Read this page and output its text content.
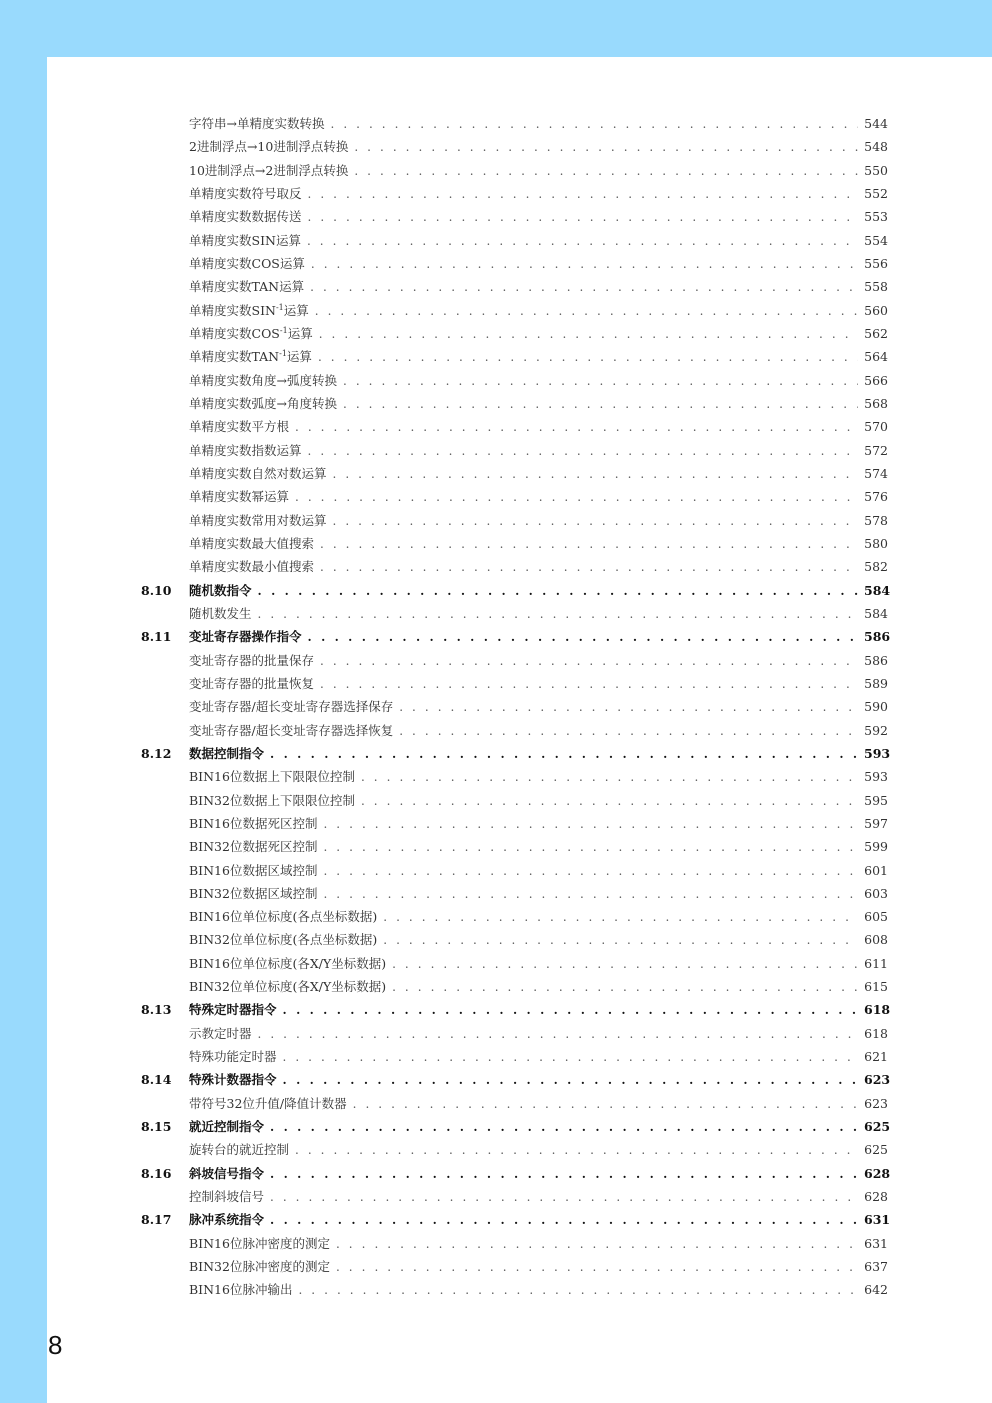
字符串→单精度实数转换 . . .	544
2进制浮点→10进制浮点转换 . . .	548
10进制浮点→2进制浮点转换 . . .	550
单精度实数符号取反 . . .	552
单精度实数数据传送 . . .	553
单精度实数SIN运算 . . .	554
单精度实数COS运算 . . .	556
单精度实数TAN运算 . . .	558
单精度实数$SIN^{-1}$运算 . . .	560
单精度实数$COS^{-1}$运算 . . .	562
单精度实数$TAN^{-1}$运算 . . .	564
单精度实数角度→弧度转换 . . .	566
单精度实数弧度→角度转换 . . .	568
单精度实数平方根 . . .	570
单精度实数指数运算 . . .	572
单精度实数自然对数运算 . . .	574
单精度实数幂运算 . . .	576
单精度实数常用对数运算 . . .	578
单精度实数最大值搜索 . . .	580
单精度实数最小值搜索 . . .	582
8.10	随机数指令 . . .	584
随机数发生 . . .	584
8.11	变址寄存器操作指令 . . .	586
变址寄存器的批量保存 . . .	586
变址寄存器的批量恢复 . . .	589
变址寄存器/超长变址寄存器选择保存 . . .	590
变址寄存器/超长变址寄存器选择恢复 . . .	592
8.12	数据控制指令 . . .	593
BIN16位数据上下限限位控制 . . .	593
BIN32位数据上下限限位控制 . . .	595
BIN16位数据死区控制 . . .	597
BIN32位数据死区控制 . . .	599
BIN16位数据区域控制 . . .	601
BIN32位数据区域控制 . . .	603
BIN16位单位标度(各点坐标数据) . . .	605
BIN32位单位标度(各点坐标数据) . . .	608
BIN16位单位标度(各X/Y坐标数据) . . .	611
BIN32位单位标度(各X/Y坐标数据) . . .	615
8.13	特殊定时器指令 . . .	618
示教定时器 . . .	618
特殊功能定时器 . . .	621
8.14	特殊计数器指令 . . .	623
带符号32位升值/降值计数器 . . .	623
8.15	就近控制指令 . . .	625
旋转台的就近控制 . . .	625
8.16	斜坡信号指令 . . .	628
控制斜坡信号 . . .	628
8.17	脉冲系统指令 . . .	631
BIN16位脉冲密度的测定 . . .	631
BIN32位脉冲密度的测定 . . .	637
BIN16位脉冲输出 . . .	642
8
